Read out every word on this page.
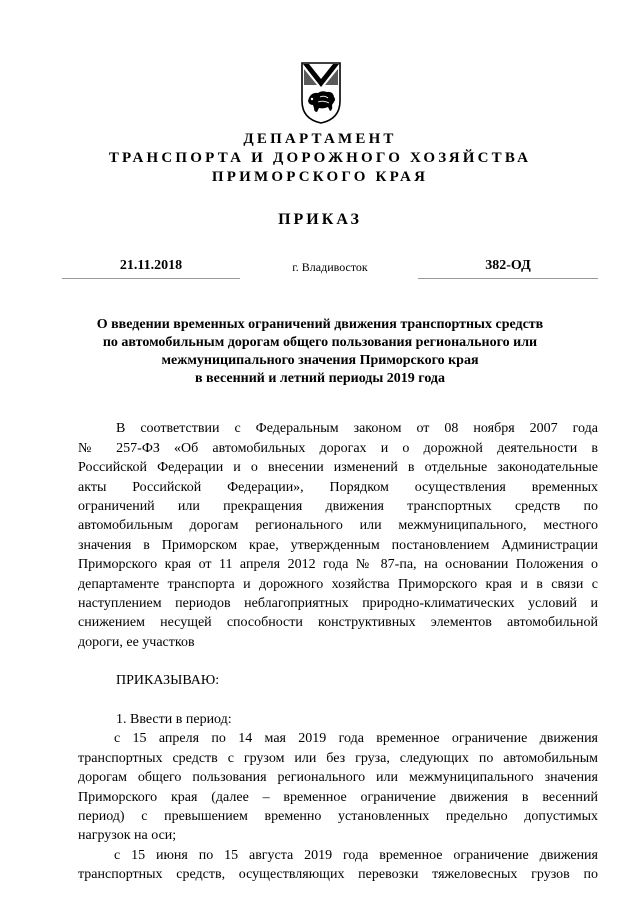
ДЕПАРТАМЕНТ
ТРАНСПОРТА И ДОРОЖНОГО ХОЗЯЙСТВА
ПРИМОРСКОГО КРАЯ
ПРИКАЗ
21.11.2018	г. Владивосток	382-ОД
О введении временных ограничений движения транспортных средств
по автомобильным дорогам общего пользования регионального или
межмуниципального значения Приморского края
в весенний и летний периоды 2019 года
В соответствии с Федеральным законом от 08 ноября 2007 года
№ 257-ФЗ «Об автомобильных дорогах и о дорожной деятельности в
Российской Федерации и о внесении изменений в отдельные законодательные
акты Российской Федерации», Порядком осуществления временных
ограничений или прекращения движения транспортных средств по
автомобильным дорогам регионального или межмуниципального, местного
значения в Приморском крае, утвержденным постановлением Администрации
Приморского края от 11 апреля 2012 года № 87-па, на основании Положения о
департаменте транспорта и дорожного хозяйства Приморского края и в связи с
наступлением периодов неблагоприятных природно-климатических условий и
снижением несущей способности конструктивных элементов автомобильной
дороги, ее участков
ПРИКАЗЫВАЮ:
1. Ввести в период:
с 15 апреля по 14 мая 2019 года временное ограничение движения
транспортных средств с грузом или без груза, следующих по автомобильным
дорогам общего пользования регионального или межмуниципального значения
Приморского края (далее – временное ограничение движения в весенний
период) с превышением временно установленных предельно допустимых
нагрузок на оси;
с 15 июня по 15 августа 2019 года временное ограничение движения
транспортных средств, осуществляющих перевозки тяжеловесных грузов по
